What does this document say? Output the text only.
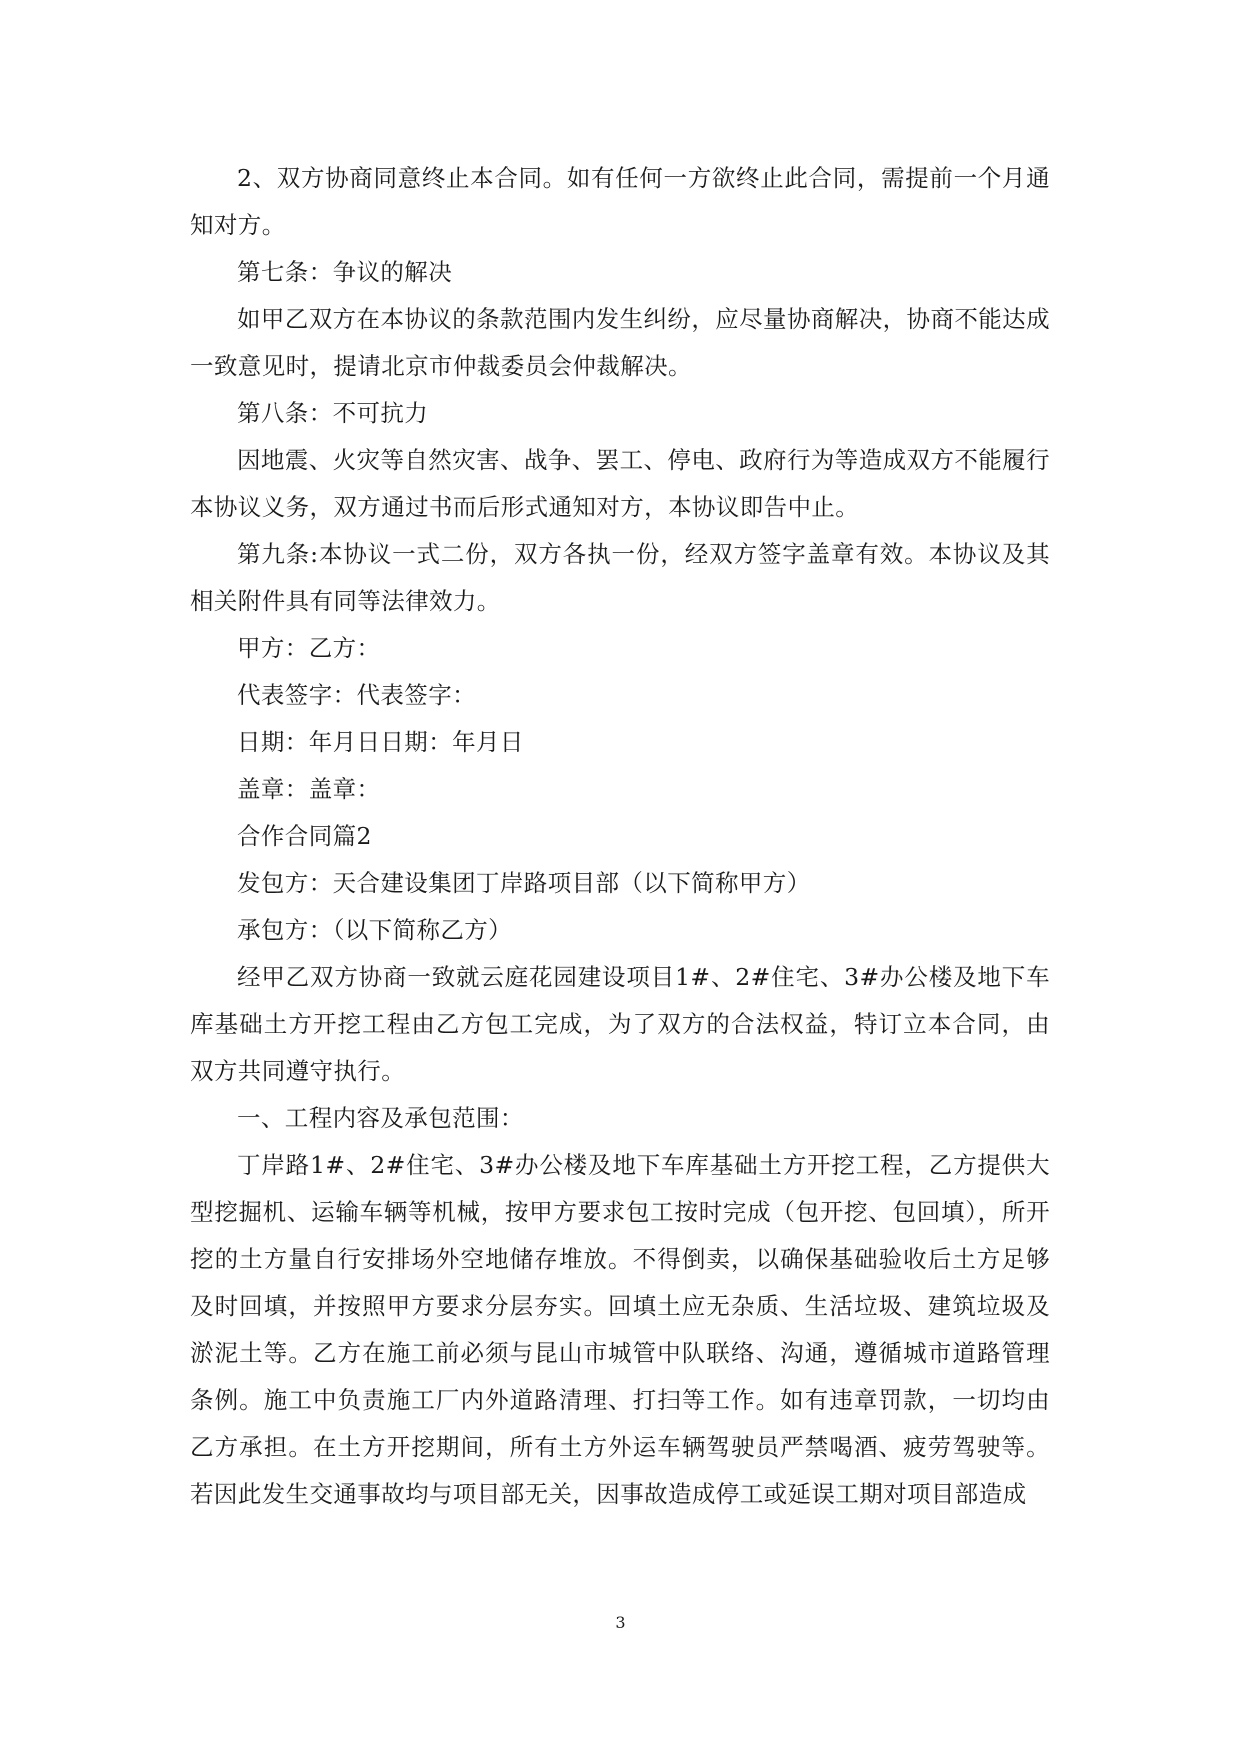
2、双方协商同意终止本合同。如有任何一方欲终止此合同，需提前一个月通知对方。

第七条：争议的解决

如甲乙双方在本协议的条款范围内发生纠纷，应尽量协商解决，协商不能达成一致意见时，提请北京市仲裁委员会仲裁解决。

第八条：不可抗力

因地震、火灾等自然灾害、战争、罢工、停电、政府行为等造成双方不能履行本协议义务，双方通过书而后形式通知对方，本协议即告中止。

第九条:本协议一式二份，双方各执一份，经双方签字盖章有效。本协议及其相关附件具有同等法律效力。

甲方：乙方：

代表签字：代表签字：

日期：年月日日期：年月日

盖章：盖章：

合作合同篇2

发包方：天合建设集团丁岸路项目部（以下简称甲方）

承包方：（以下简称乙方）

经甲乙双方协商一致就云庭花园建设项目1#、2#住宅、3#办公楼及地下车库基础土方开挖工程由乙方包工完成，为了双方的合法权益，特订立本合同，由双方共同遵守执行。

一、工程内容及承包范围：

丁岸路1#、2#住宅、3#办公楼及地下车库基础土方开挖工程，乙方提供大型挖掘机、运输车辆等机械，按甲方要求包工按时完成（包开挖、包回填），所开挖的土方量自行安排场外空地储存堆放。不得倒卖，以确保基础验收后土方足够及时回填，并按照甲方要求分层夯实。回填土应无杂质、生活垃圾、建筑垃圾及淤泥土等。乙方在施工前必须与昆山市城管中队联络、沟通，遵循城市道路管理条例。施工中负责施工厂内外道路清理、打扫等工作。如有违章罚款，一切均由乙方承担。在土方开挖期间，所有土方外运车辆驾驶员严禁喝酒、疲劳驾驶等。若因此发生交通事故均与项目部无关，因事故造成停工或延误工期对项目部造成

3
